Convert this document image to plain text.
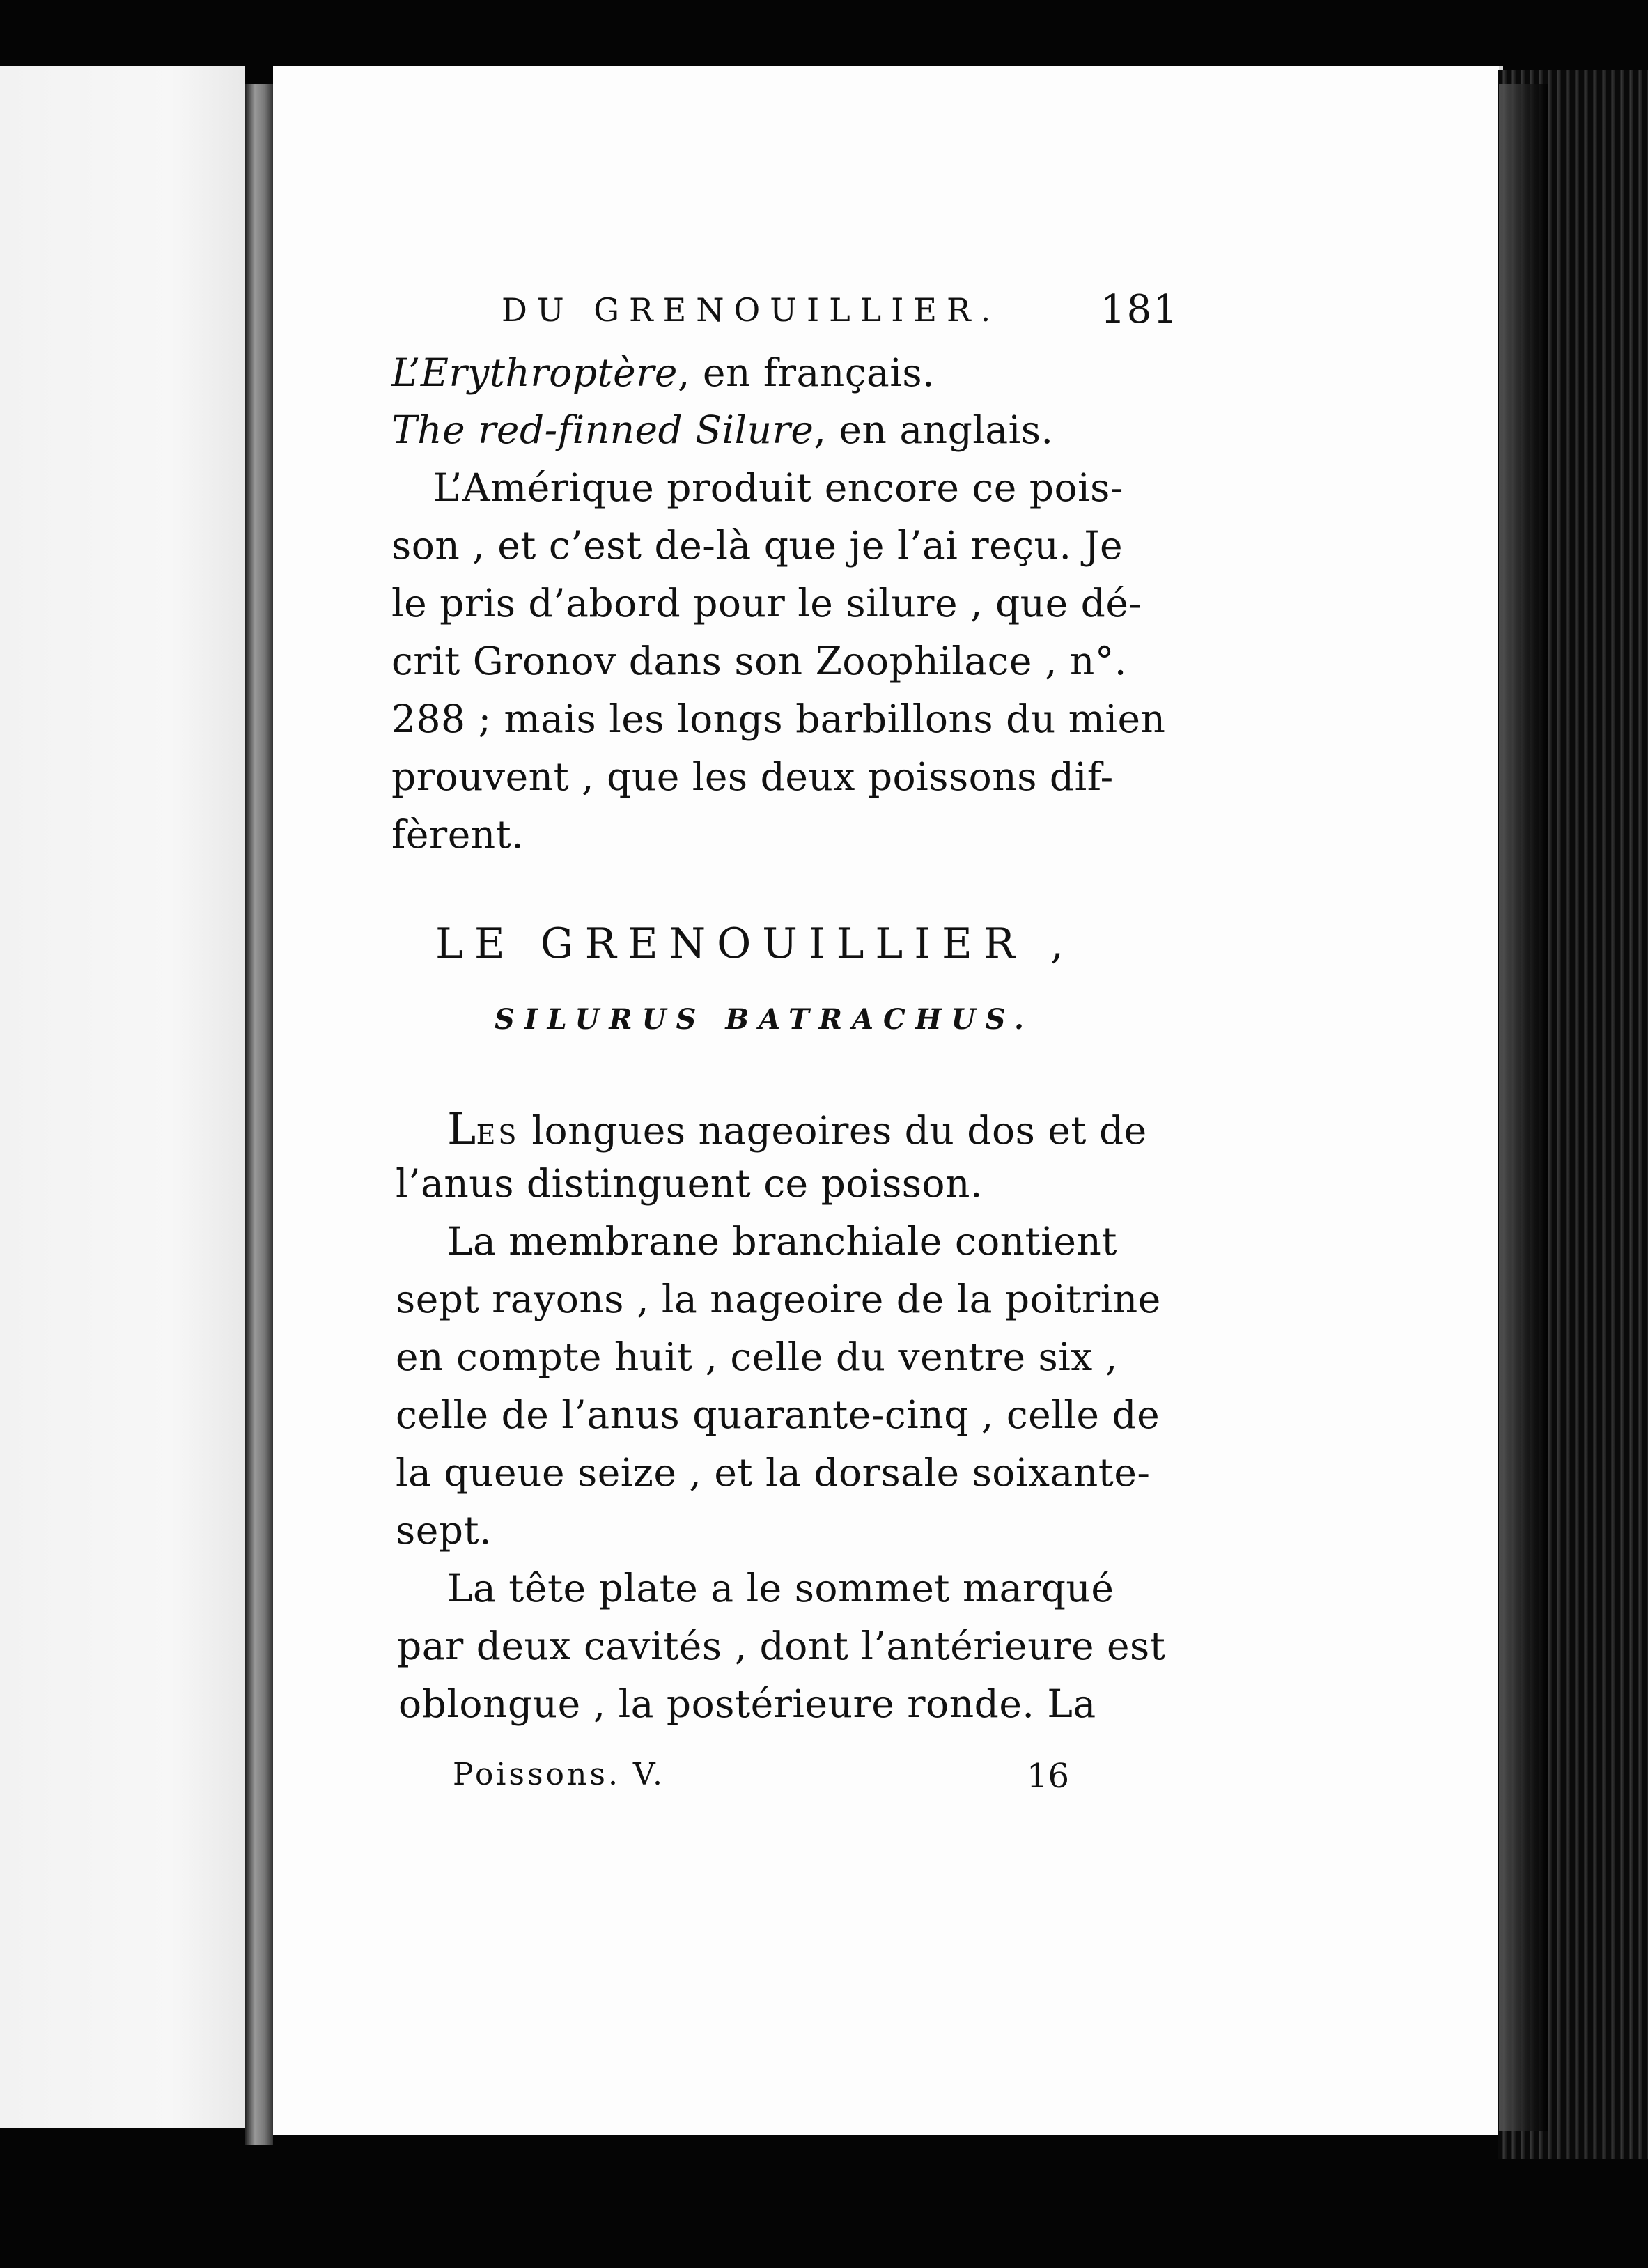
DU GRENOUILLIER.	181
L’Erythroptère, en français.
The red-finned Silure, en anglais.
L’Amérique produit encore ce pois-
son , et c’est de-là que je l’ai reçu. Je
le pris d’abord pour le silure , que dé-
crit Gronov dans son Zoophilace , n°.
288 ; mais les longs barbillons du mien
prouvent , que les deux poissons dif-
fèrent.
LE GRENOUILLIER ,
SILURUS BATRACHUS.
LES longues nageoires du dos et de
l’anus distinguent ce poisson.
La membrane branchiale contient
sept rayons , la nageoire de la poitrine
en compte huit , celle du ventre six ,
celle de l’anus quarante-cinq , celle de
la queue seize , et la dorsale soixante-
sept.
La tête plate a le sommet marqué
par deux cavités , dont l’antérieure est
oblongue , la postérieure ronde. La
Poissons. V.	16
